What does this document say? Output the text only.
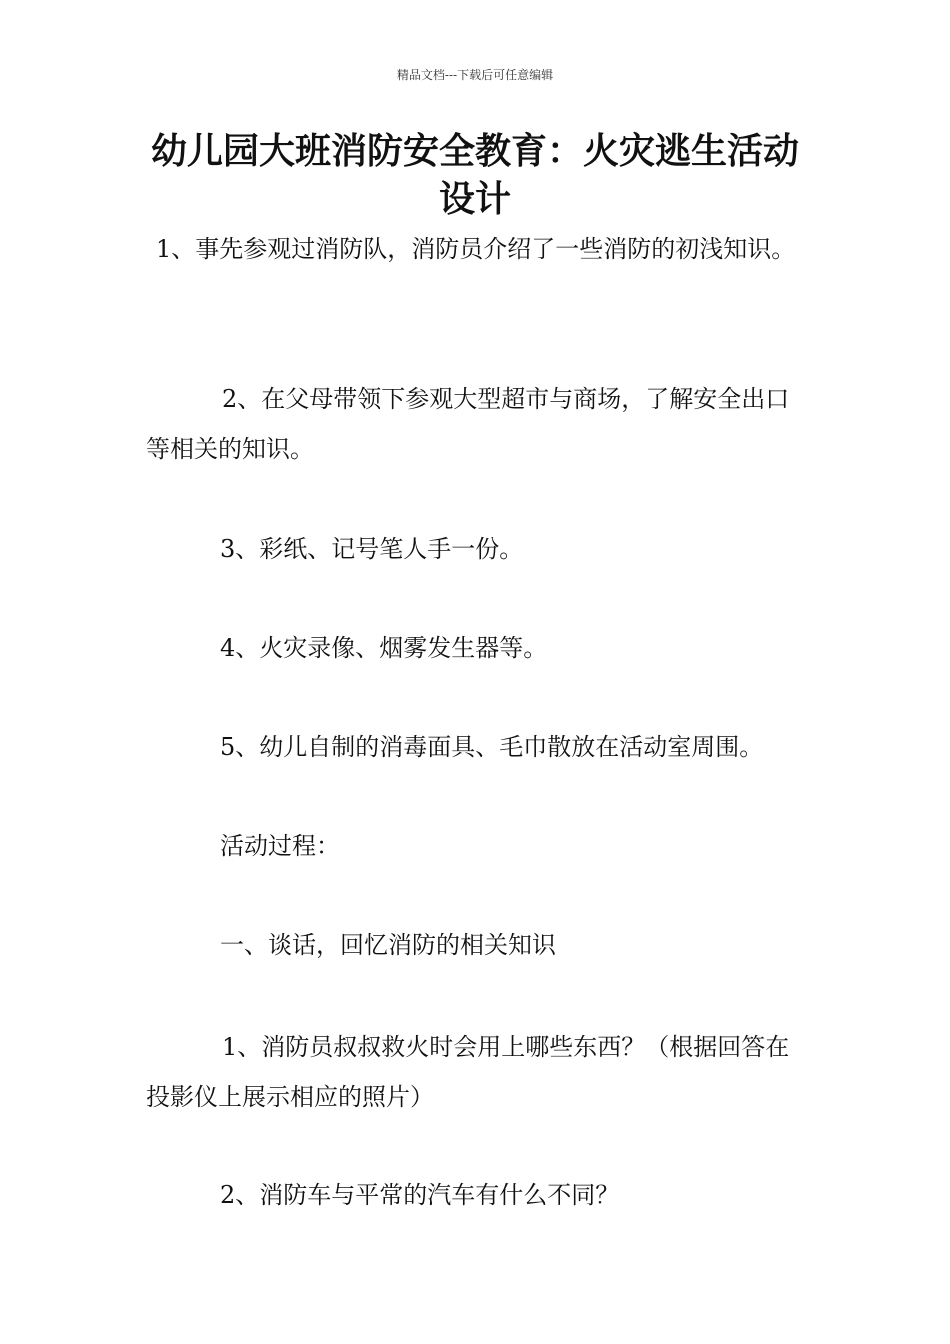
精品文档---下载后可任意编辑
幼儿园大班消防安全教育：火灾逃生活动设计
1、事先参观过消防队，消防员介绍了一些消防的初浅知识。
2、在父母带领下参观大型超市与商场，了解安全出口等相关的知识。
3、彩纸、记号笔人手一份。
4、火灾录像、烟雾发生器等。
5、幼儿自制的消毒面具、毛巾散放在活动室周围。
活动过程：
一、谈话，回忆消防的相关知识
1、消防员叔叔救火时会用上哪些东西？（根据回答在投影仪上展示相应的照片）
2、消防车与平常的汽车有什么不同？
